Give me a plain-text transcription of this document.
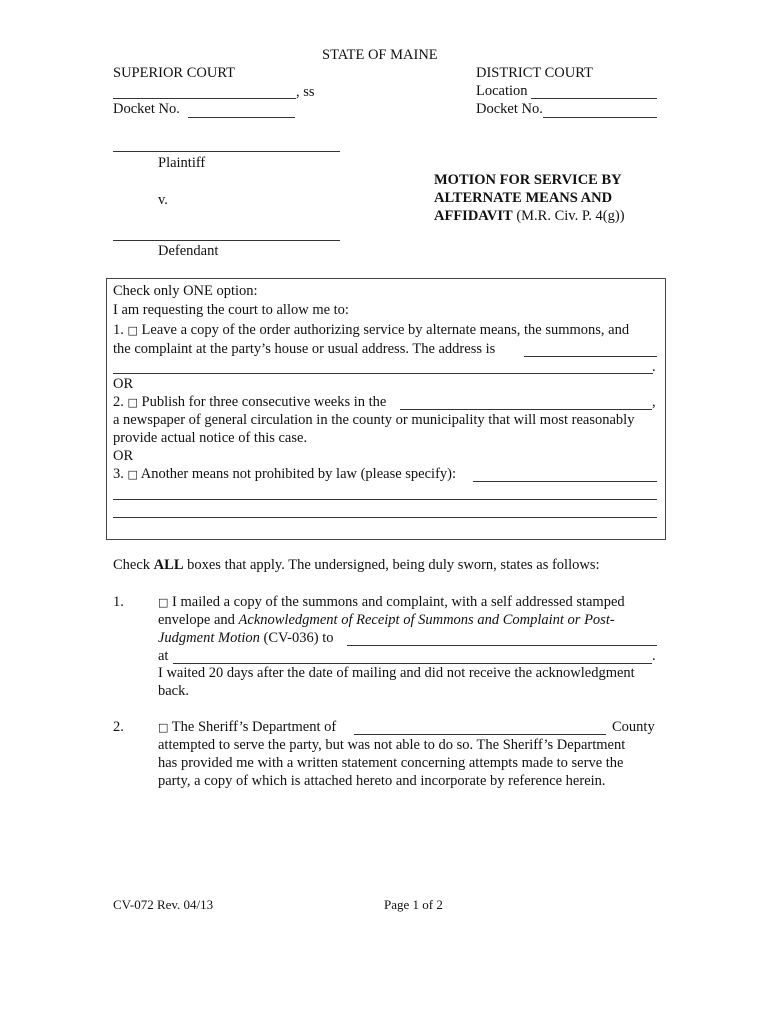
STATE OF MAINE
SUPERIOR COURT
, ss
Docket No.
DISTRICT COURT
Location
Docket No.
Plaintiff
v.
Defendant
MOTION FOR SERVICE BY
ALTERNATE MEANS AND
AFFIDAVIT (M.R. Civ. P. 4(g))
Check only ONE option:
I am requesting the court to allow me to:
1. □ Leave a copy of the order authorizing service by alternate means, the summons, and
the complaint at the party’s house or usual address. The address is
.
OR
2. □ Publish for three consecutive weeks in the	,
a newspaper of general circulation in the county or municipality that will most reasonably
provide actual notice of this case.
OR
3. □ Another means not prohibited by law (please specify):
Check ALL boxes that apply. The undersigned, being duly sworn, states as follows:
1.	□ I mailed a copy of the summons and complaint, with a self addressed stamped
envelope and Acknowledgment of Receipt of Summons and Complaint or Post-
Judgment Motion (CV-036) to
at	.
I waited 20 days after the date of mailing and did not receive the acknowledgment
back.
2.	□ The Sheriff’s Department of	County
attempted to serve the party, but was not able to do so. The Sheriff’s Department
has provided me with a written statement concerning attempts made to serve the
party, a copy of which is attached hereto and incorporate by reference herein.
CV-072 Rev. 04/13	Page 1 of 2
